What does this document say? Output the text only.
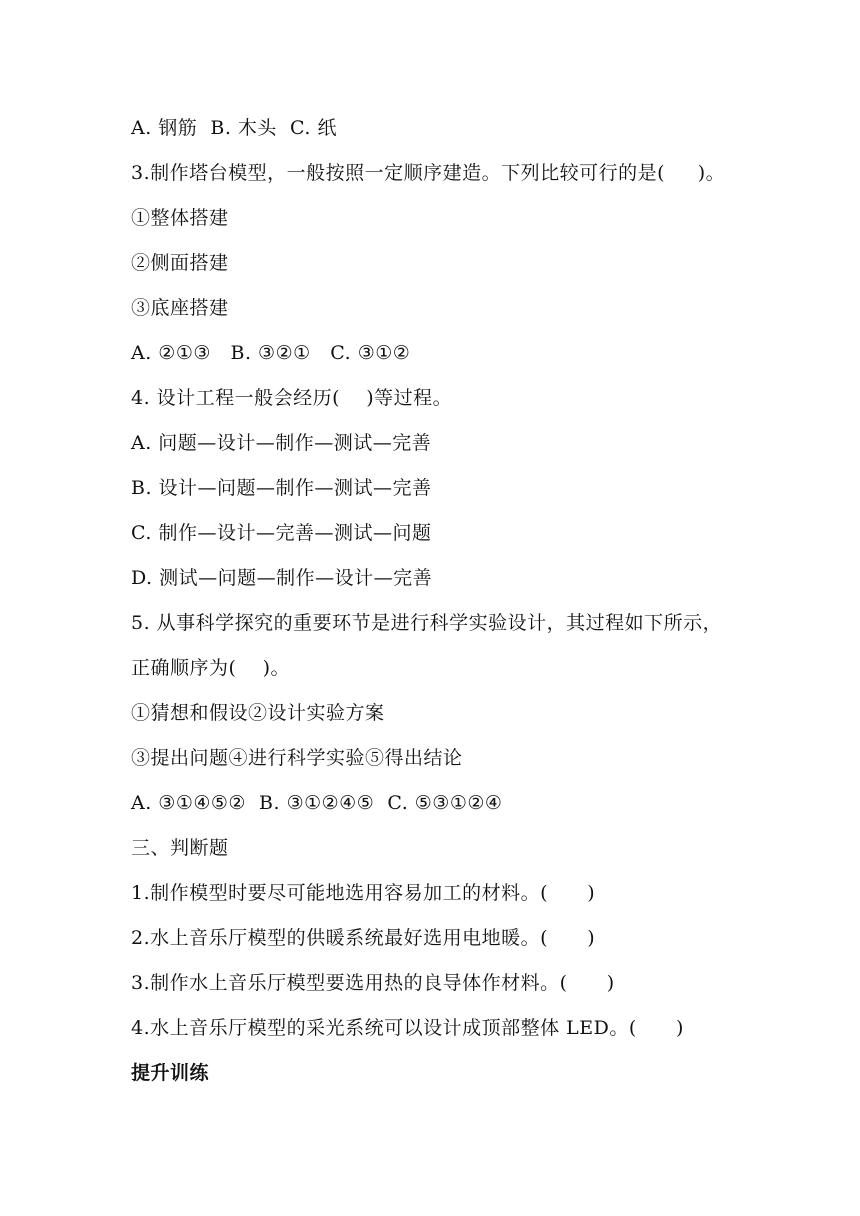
A. 钢筋  B. 木头  C. 纸
3.制作塔台模型，一般按照一定顺序建造。下列比较可行的是(     )。
①整体搭建
②侧面搭建
③底座搭建
A. ②①③   B. ③②①   C. ③①②
4. 设计工程一般会经历(    )等过程。
A. 问题—设计—制作—测试—完善
B. 设计—问题—制作—测试—完善
C. 制作—设计—完善—测试—问题
D. 测试—问题—制作—设计—完善
5. 从事科学探究的重要环节是进行科学实验设计，其过程如下所示，
正确顺序为(    )。
①猜想和假设②设计实验方案
③提出问题④进行科学实验⑤得出结论
A. ③①④⑤②  B. ③①②④⑤  C. ⑤③①②④
三、判断题
1.制作模型时要尽可能地选用容易加工的材料。(      )
2.水上音乐厅模型的供暖系统最好选用电地暖。(      )
3.制作水上音乐厅模型要选用热的良导体作材料。(      )
4.水上音乐厅模型的采光系统可以设计成顶部整体 LED。(      )
提升训练
